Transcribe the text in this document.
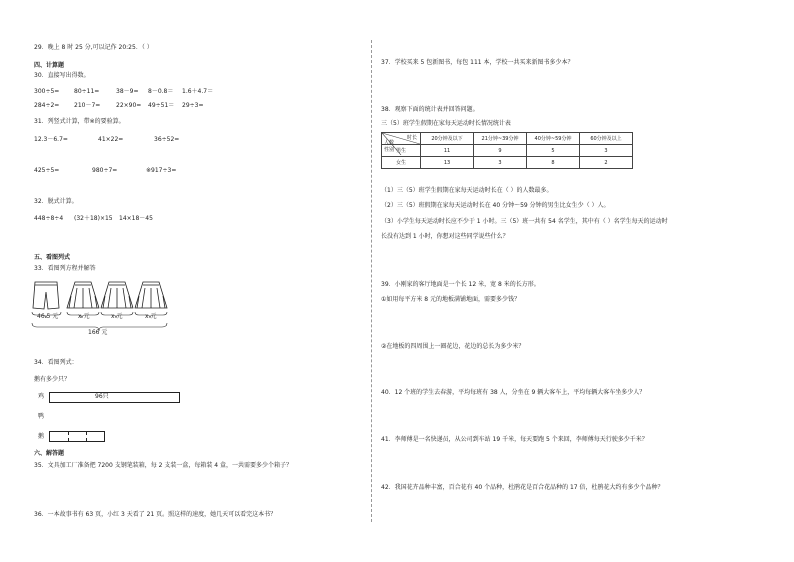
29．晚上 8 时 25 分,可以记作 20:25．（ ）
四、计算题
30．直接写出得数。
300÷5= 80÷11=	38－9= 8－0.8＝ 1.6＋4.7＝
284÷2= 210－7=	22×90= 49÷51＝ 29÷3=
31．列竖式计算，带※的要验算。
12.3－6.7=	41×22=	36÷52=
425÷5=	980÷7=	※917÷3=
32．脱式计算。
448÷8÷4 (32＋18)×15 14×18－45
五、看图列式
33．看图列方程并解答
46.5 元	x 元	x 元	x 元
166 元
34．看图列式：
鹅有多少只？
鸡	96只
鸭
鹅
六、解答题
35．文具加工厂准备把 7200 支钢笔装箱，每 2 支装一盒，每箱装 4 盒，一共需要多少个箱子？
36．一本故事书有 63 页，小红 3 天看了 21 页。照这样的速度，她几天可以看完这本书？
37．学校买来 5 包新图书，每包 111 本，学校一共买来新图书多少本？
38．观察下面的统计表并回答问题。
三（5）班学生假期在家每天运动时长情况统计表
时长
人数
性别	20分钟及以下	21分钟~39分钟	40分钟~59分钟	60分钟及以上
男生	11	9	5	3
女生	13	3	8	2
（1）三（5）班学生假期在家每天运动时长在（ ）的人数最多。
（2）三（5）班假期在家每天运动时长在 40 分钟～59 分钟的男生比女生少（ ）人。
（3）小学生每天运动时长应不少于 1 小时。三（5）班一共有 54 名学生，其中有（ ）名学生每天的运动时
长没有达到 1 小时，你想对这些同学说些什么？
39．小刚家的客厅地面是一个长 12 米，宽 8 米的长方形。
①如用每平方米 8 元的地板满铺地面，需要多少钱？
②在地板的四周围上一圈花边，花边的总长为多少米？
40．12 个班的学生去春游，平均每班有 38 人，分坐在 9 辆大客车上，平均每辆大客车坐多少人？
41．李师傅是一名快递员，从公司到车站 19 千米，每天要跑 5 个来回，李师傅每天行驶多少千米？
42．我国花卉品种丰富，百合花有 40 个品种，杜鹃花是百合花品种的 17 倍，杜鹃花大约有多少个品种？
